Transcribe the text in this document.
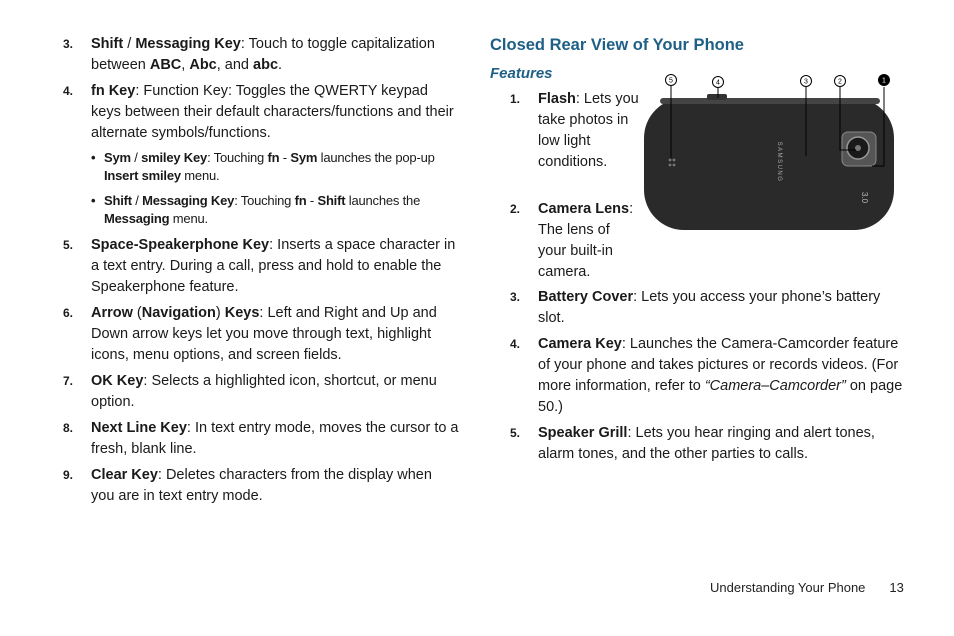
3.	Shift / Messaging Key: Touch to toggle capitalization between ABC, Abc, and abc.
4.	fn Key: Function Key: Toggles the QWERTY keypad keys between their default characters/functions and their alternate symbols/functions.
• Sym / smiley Key: Touching fn - Sym launches the pop-up Insert smiley menu.
• Shift / Messaging Key: Touching fn - Shift launches the Messaging menu.
5.	Space-Speakerphone Key: Inserts a space character in a text entry. During a call, press and hold to enable the Speakerphone feature.
6.	Arrow (Navigation) Keys: Left and Right and Up and Down arrow keys let you move through text, highlight icons, menu options, and screen fields.
7.	OK Key: Selects a highlighted icon, shortcut, or menu option.
8.	Next Line Key: In text entry mode, moves the cursor to a fresh, blank line.
9.	Clear Key: Deletes characters from the display when you are in text entry mode.
Closed Rear View of Your Phone
Features
1.	Flash: Lets you take photos in low light conditions.
2.	Camera Lens: The lens of your built-in camera.
3.	Battery Cover: Lets you access your phone’s battery slot.
4.	Camera Key: Launches the Camera-Camcorder feature of your phone and takes pictures or records videos. (For more information, refer to “Camera–Camcorder” on page 50.)
5.	Speaker Grill: Lets you hear ringing and alert tones, alarm tones, and the other parties to calls.
SAMSUNG
3.0
5	4	3	2	1
Understanding Your Phone 13
